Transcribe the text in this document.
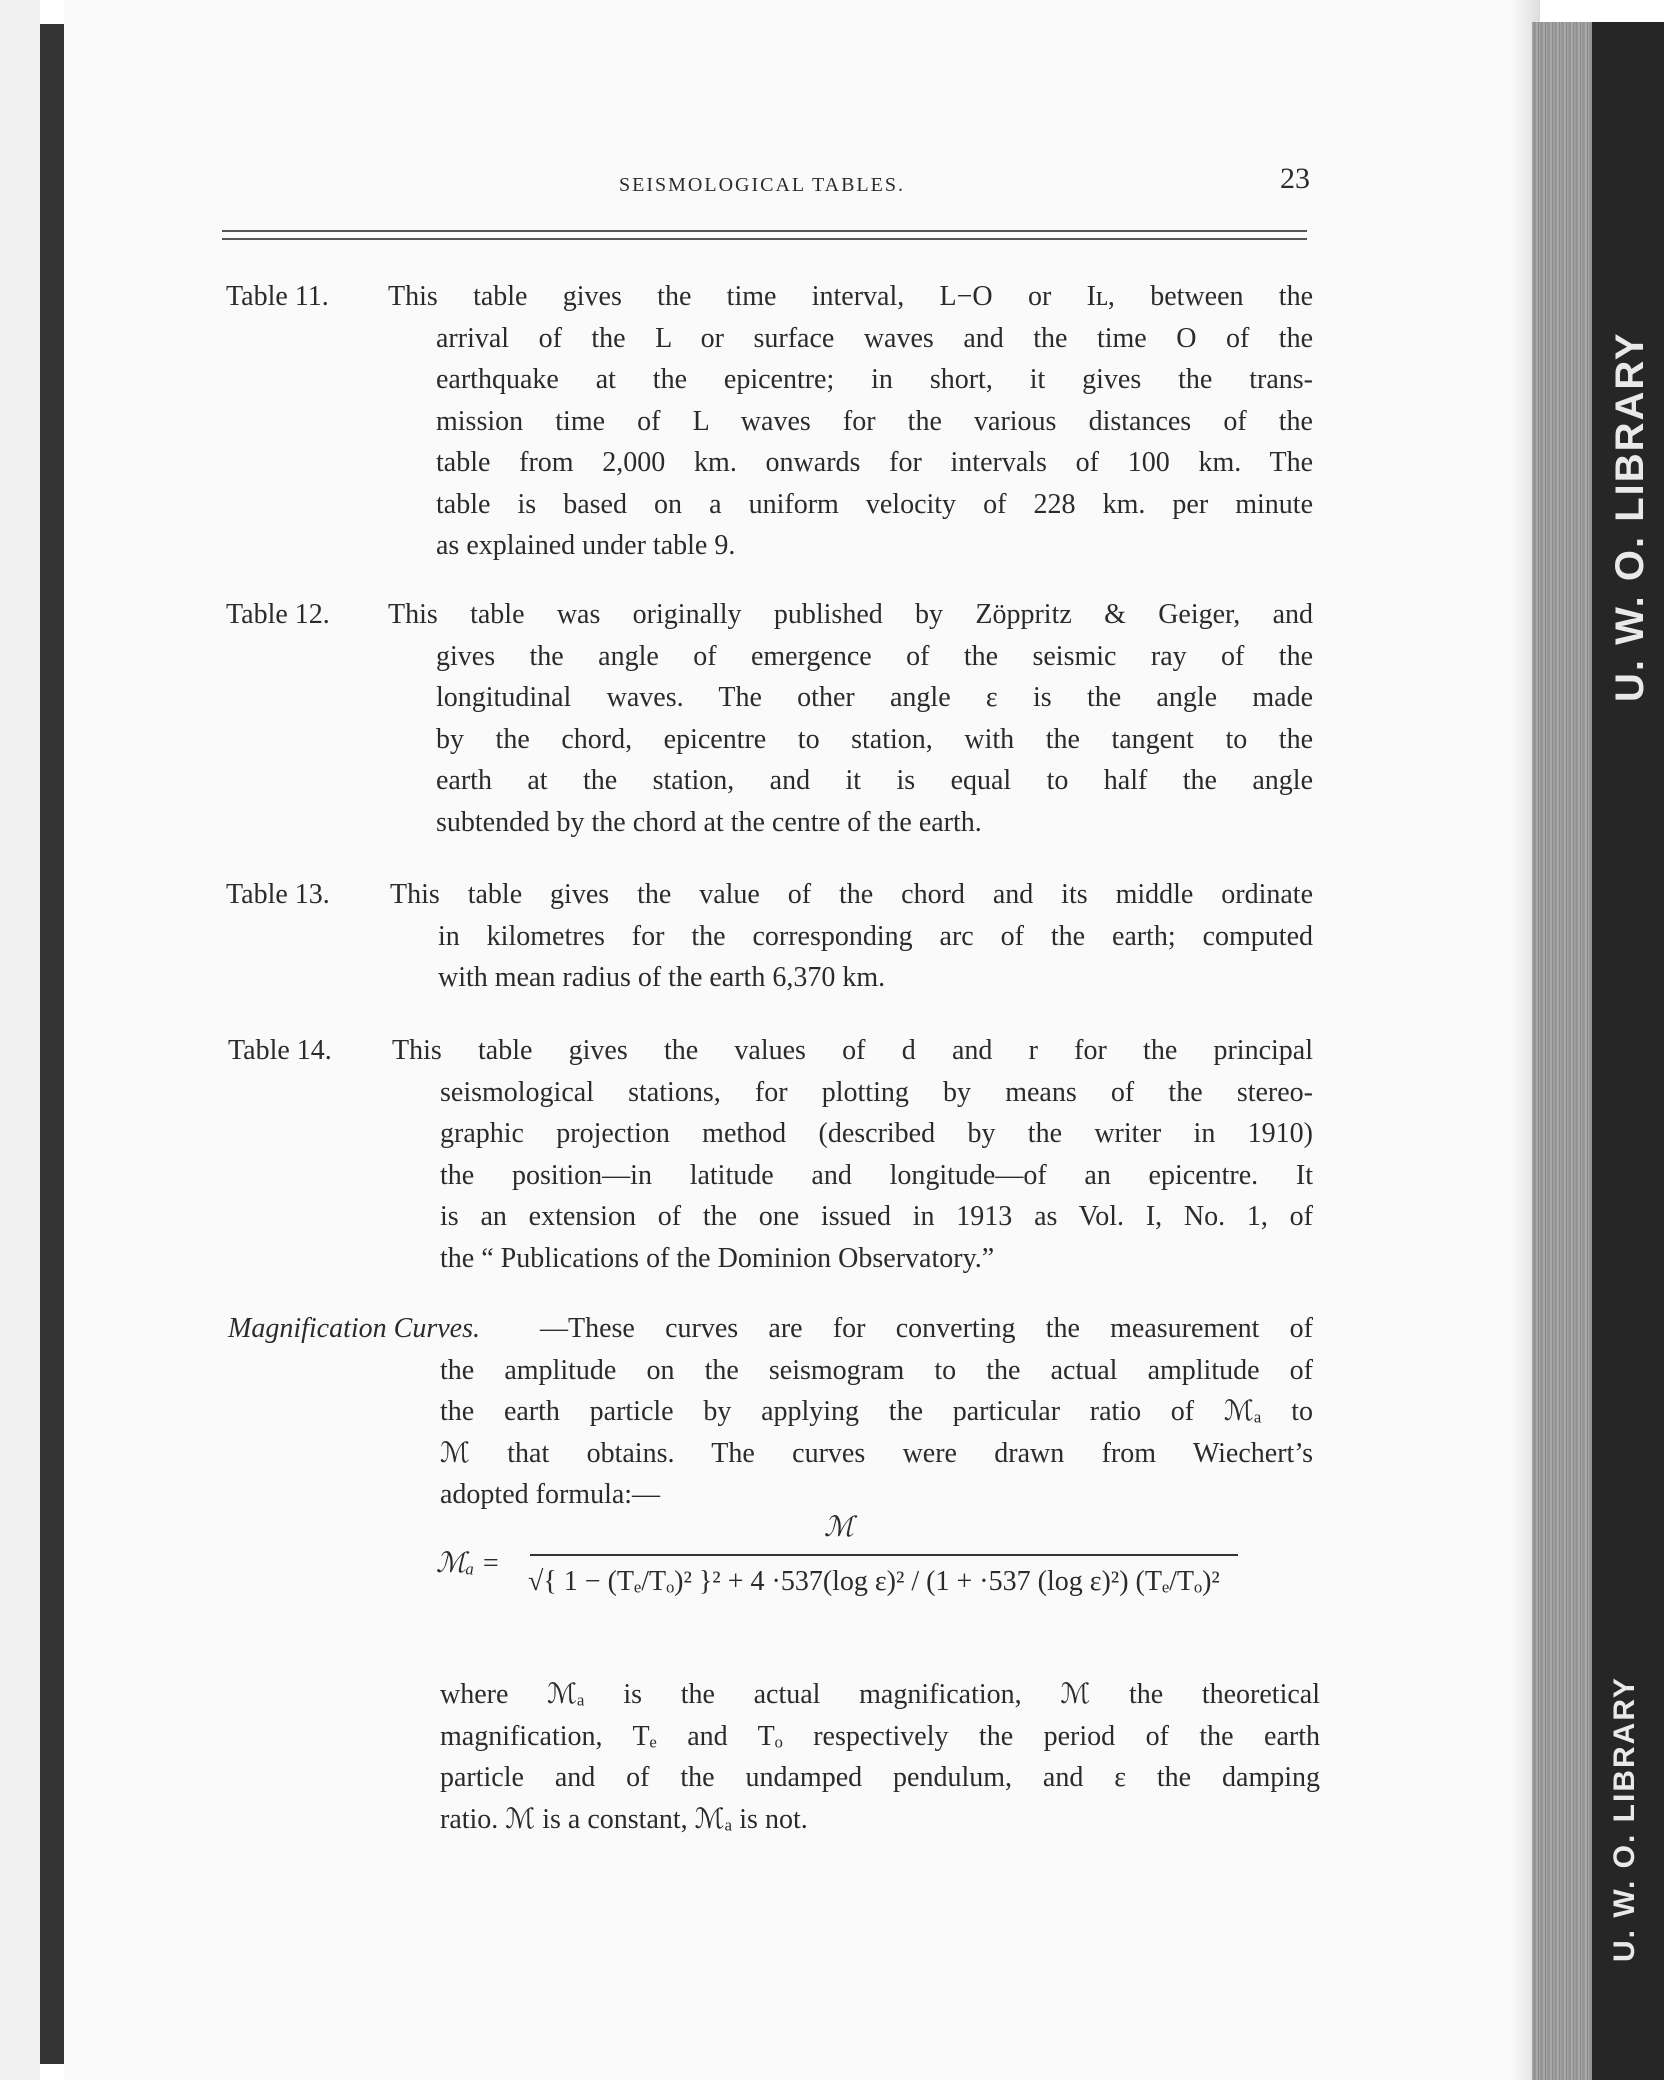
U. W. O. LIBRARY
U. W. O. LIBRARY
SEISMOLOGICAL TABLES.	23
Table 11. This table gives the time interval, L−O or Iʟ, between the
arrival of the L or surface waves and the time O of the
earthquake at the epicentre; in short, it gives the trans-
mission time of L waves for the various distances of the
table from 2,000 km. onwards for intervals of 100 km. The
table is based on a uniform velocity of 228 km. per minute
as explained under table 9.
Table 12. This table was originally published by Zöppritz & Geiger, and
gives the angle of emergence of the seismic ray of the
longitudinal waves. The other angle ε is the angle made
by the chord, epicentre to station, with the tangent to the
earth at the station, and it is equal to half the angle
subtended by the chord at the centre of the earth.
Table 13. This table gives the value of the chord and its middle ordinate
in kilometres for the corresponding arc of the earth; computed
with mean radius of the earth 6,370 km.
Table 14. This table gives the values of d and r for the principal
seismological stations, for plotting by means of the stereo-
graphic projection method (described by the writer in 1910)
the position—in latitude and longitude—of an epicentre. It
is an extension of the one issued in 1913 as Vol. I, No. 1, of
the “ Publications of the Dominion Observatory.”
Magnification Curves. —These curves are for converting the measurement of
the amplitude on the seismogram to the actual amplitude of
the earth particle by applying the particular ratio of ℳₐ to
ℳ that obtains. The curves were drawn from Wiechert’s
adopted formula:—
ℳₐ =
ℳ
√{ 1 − (Tₑ/Tₒ)² }² + 4 ·537(log ε)² / (1 + ·537 (log ε)²) (Tₑ/Tₒ)²
where ℳₐ is the actual magnification, ℳ the theoretical
magnification, Tₑ and Tₒ respectively the period of the earth
particle and of the undamped pendulum, and ε the damping
ratio. ℳ is a constant, ℳₐ is not.
